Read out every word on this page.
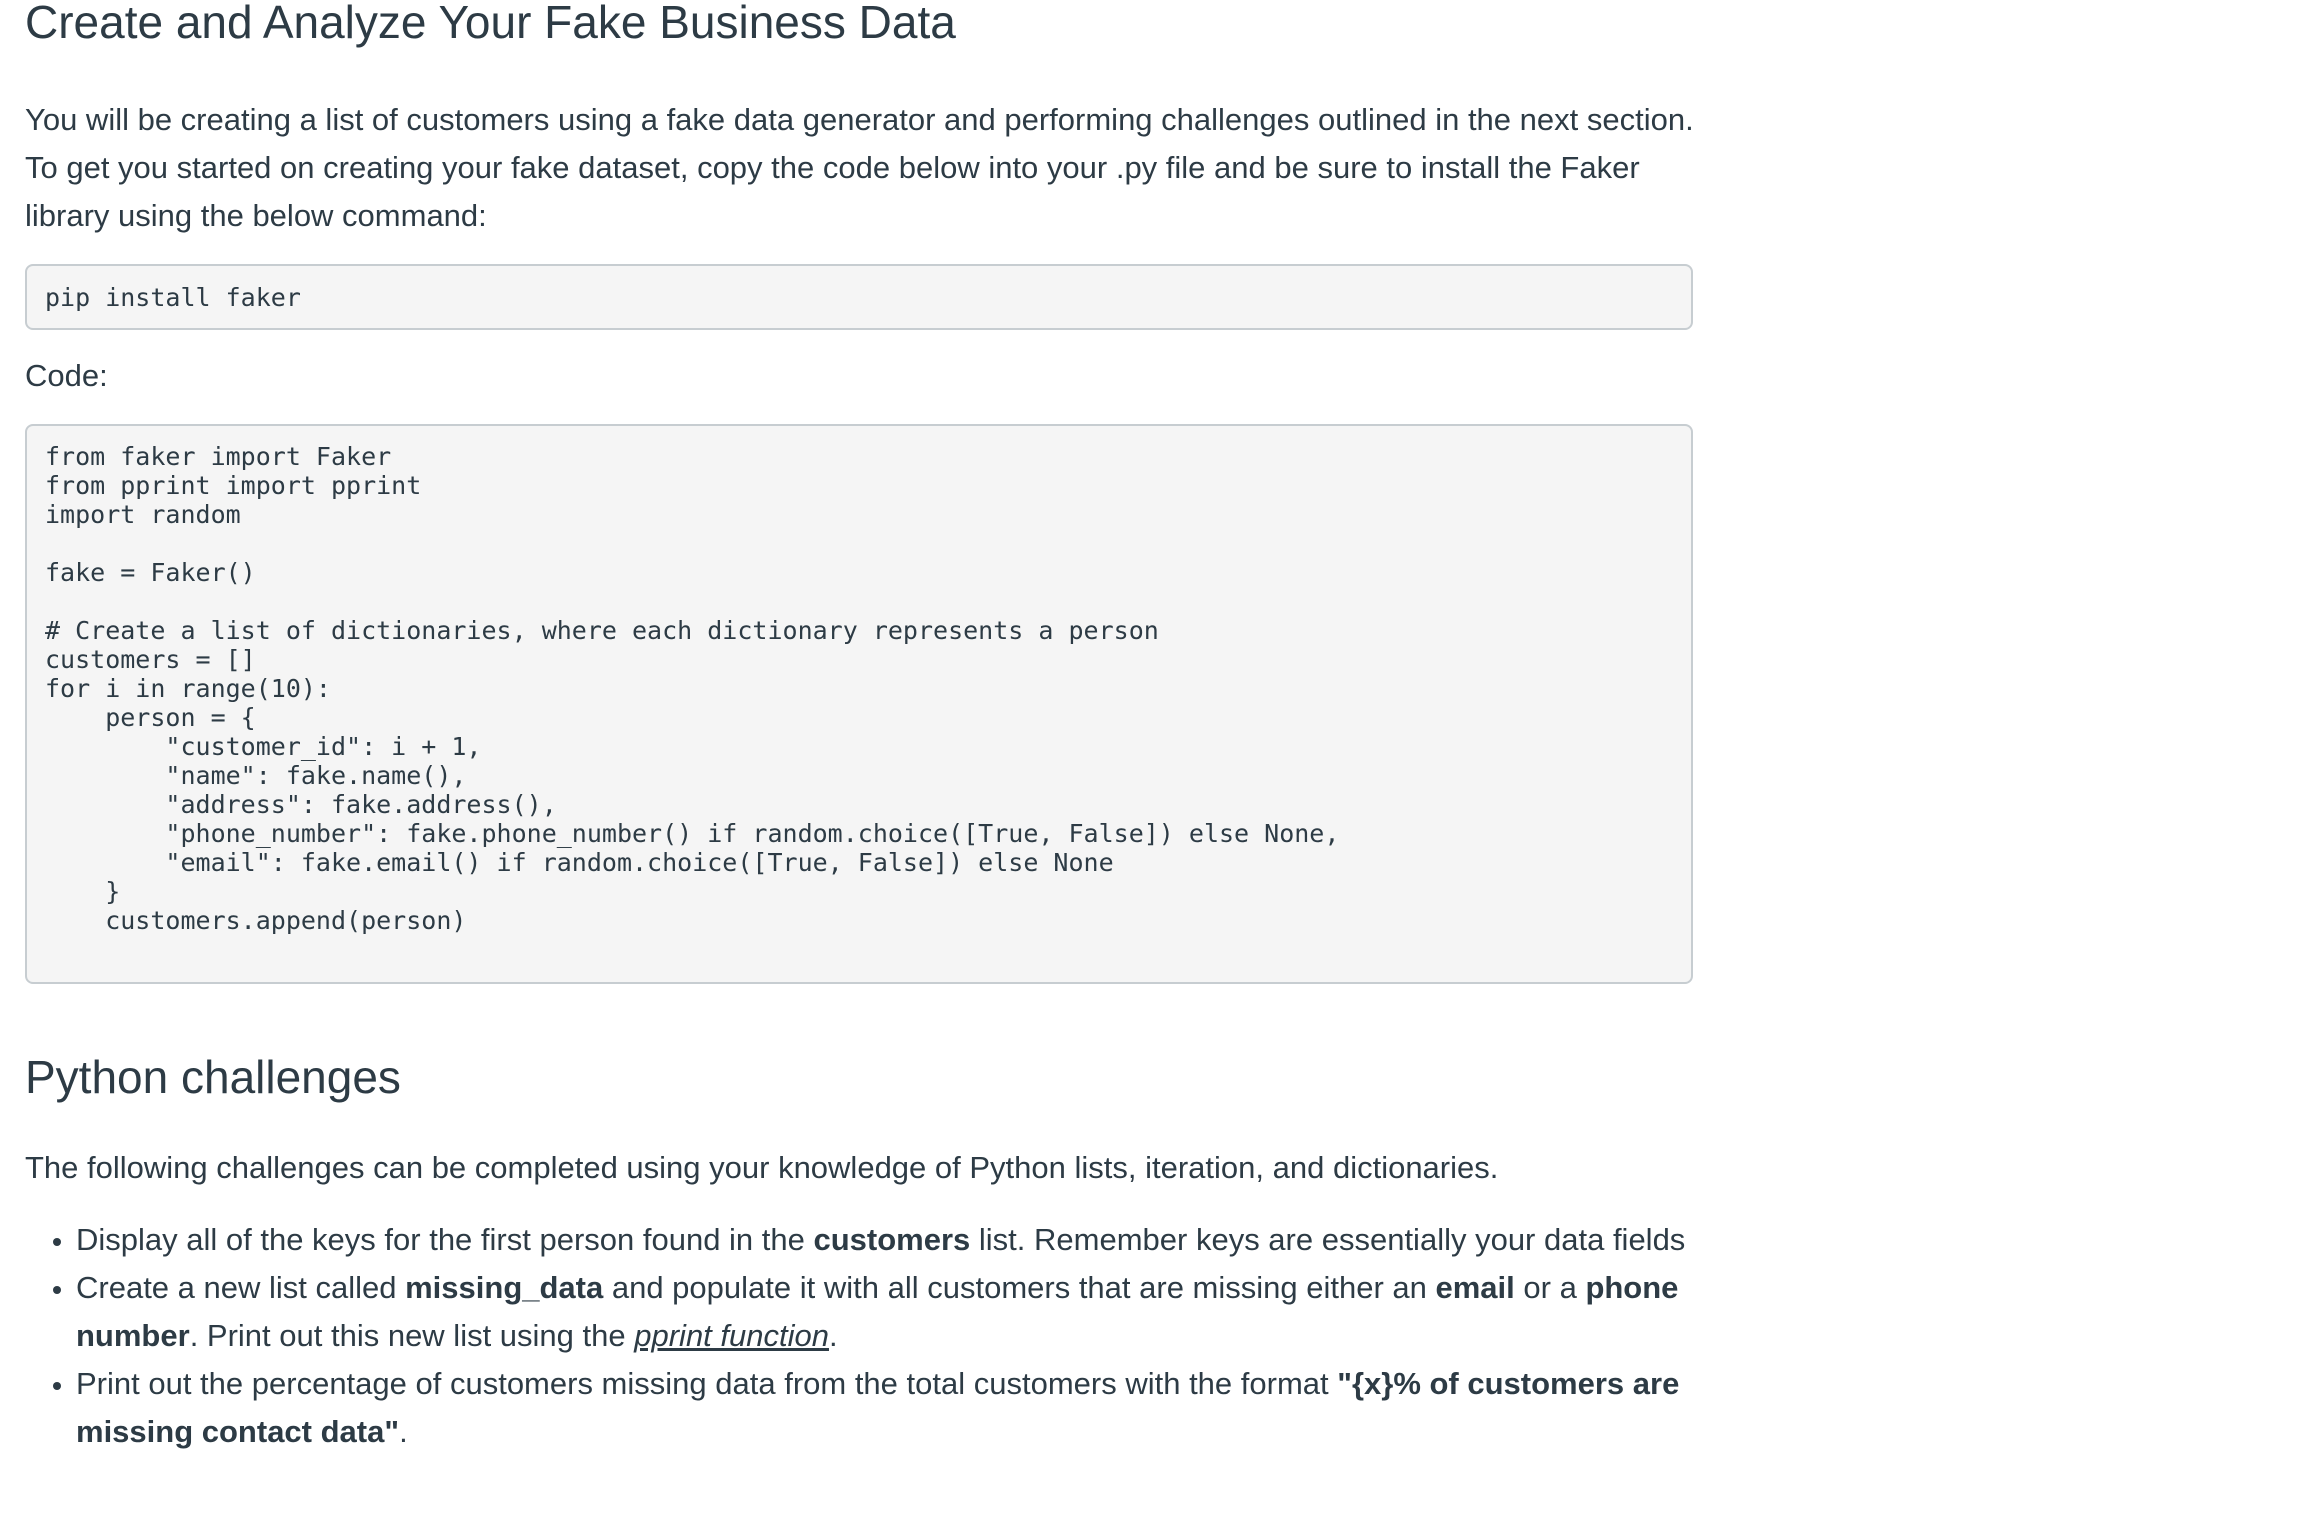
Create and Analyze Your Fake Business Data

You will be creating a list of customers using a fake data generator and performing challenges outlined in the next section. To get you started on creating your fake dataset, copy the code below into your .py file and be sure to install the Faker library using the below command:

pip install faker

Code:

from faker import Faker
from pprint import pprint
import random

fake = Faker()

# Create a list of dictionaries, where each dictionary represents a person
customers = []
for i in range(10):
person = {
"customer_id": i + 1,
"name": fake.name(),
"address": fake.address(),
"phone_number": fake.phone_number() if random.choice([True, False]) else None,
"email": fake.email() if random.choice([True, False]) else None
}
customers.append(person)
Python challenges

The following challenges can be completed using your knowledge of Python lists, iteration, and dictionaries.

• Display all of the keys for the first person found in the customers list. Remember keys are essentially your data fields
• Create a new list called missing_data and populate it with all customers that are missing either an email or a phone number. Print out this new list using the pprint function.
• Print out the percentage of customers missing data from the total customers with the format "{x}% of customers are missing contact data".
